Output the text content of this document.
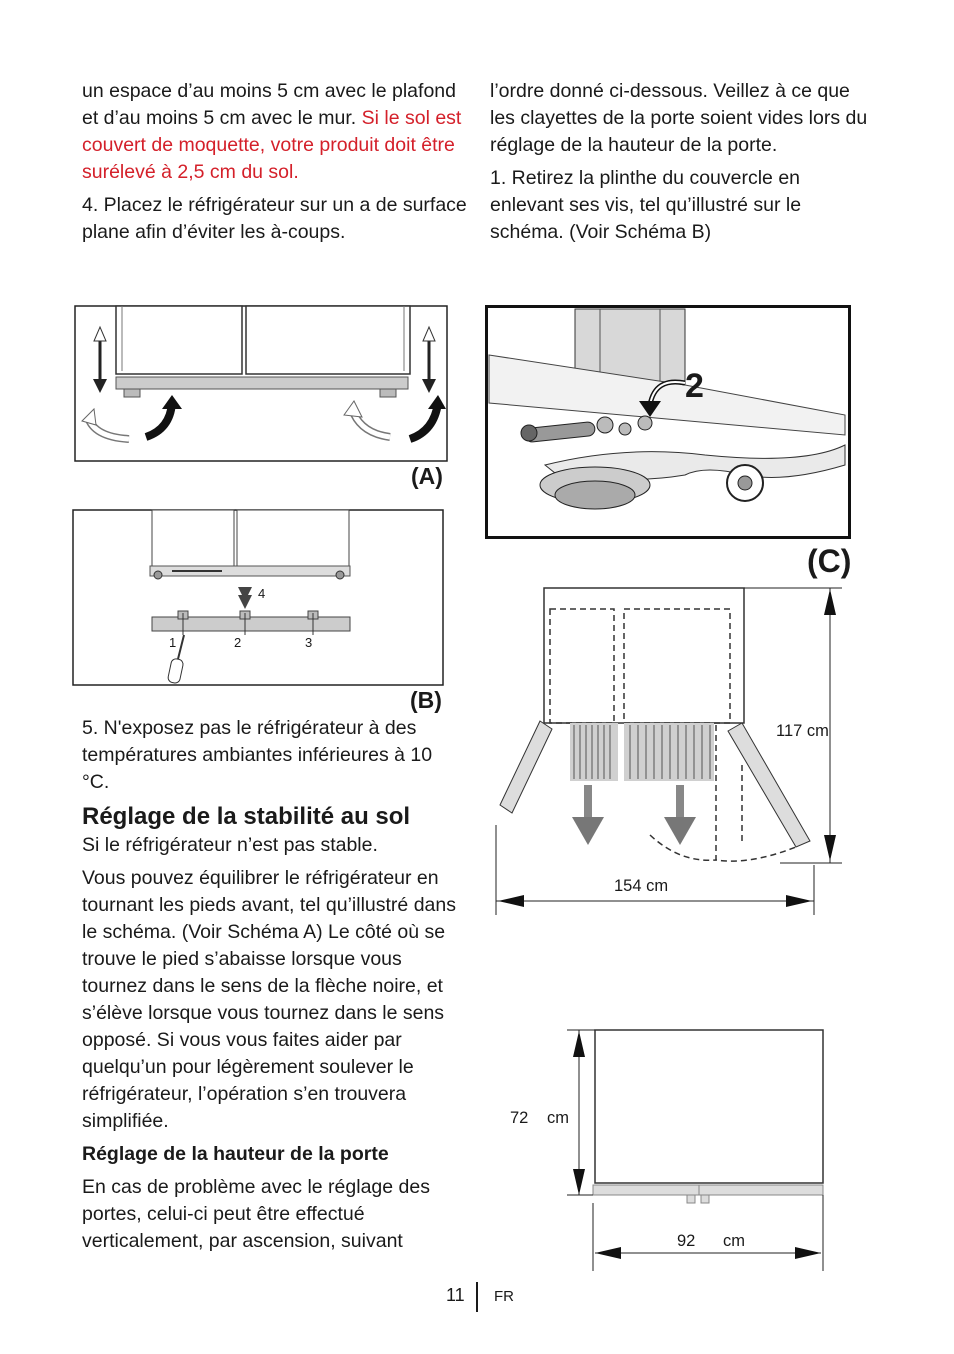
un espace d’au moins 5 cm avec le plafond et d’au moins 5 cm avec le mur. Si le sol est couvert de moquette, votre produit doit être surélevé à 2,5 cm du sol.

4. Placez le réfrigérateur sur un a de surface plane afin d’éviter les à-coups.

l’ordre donné ci-dessous. Veillez à ce que les clayettes de la porte soient vides lors du réglage de la hauteur de la porte.

1. Retirez la plinthe du couvercle en enlevant ses vis, tel qu’illustré sur le schéma. (Voir Schéma B)

(A)
4
1	2	3
(B)
2
(C)

5. N'exposez pas le réfrigérateur à des températures ambiantes inférieures à 10 °C.

Réglage de la stabilité au sol

Si le réfrigérateur n’est pas stable.

Vous pouvez équilibrer le réfrigérateur en tournant les pieds avant, tel qu’illustré dans le schéma. (Voir Schéma A) Le côté où se trouve le pied s’abaisse lorsque vous tournez dans le sens de la flèche noire, et s’élève lorsque vous tournez dans le sens opposé. Si vous vous faites aider par quelqu’un pour légèrement soulever le réfrigérateur, l’opération s’en trouvera simplifiée.

Réglage de la hauteur de la porte

En cas de problème avec le réglage des portes, celui-ci peut être effectué verticalement, par ascension, suivant

117 cm
154 cm
72 cm
92 cm
11 FR
